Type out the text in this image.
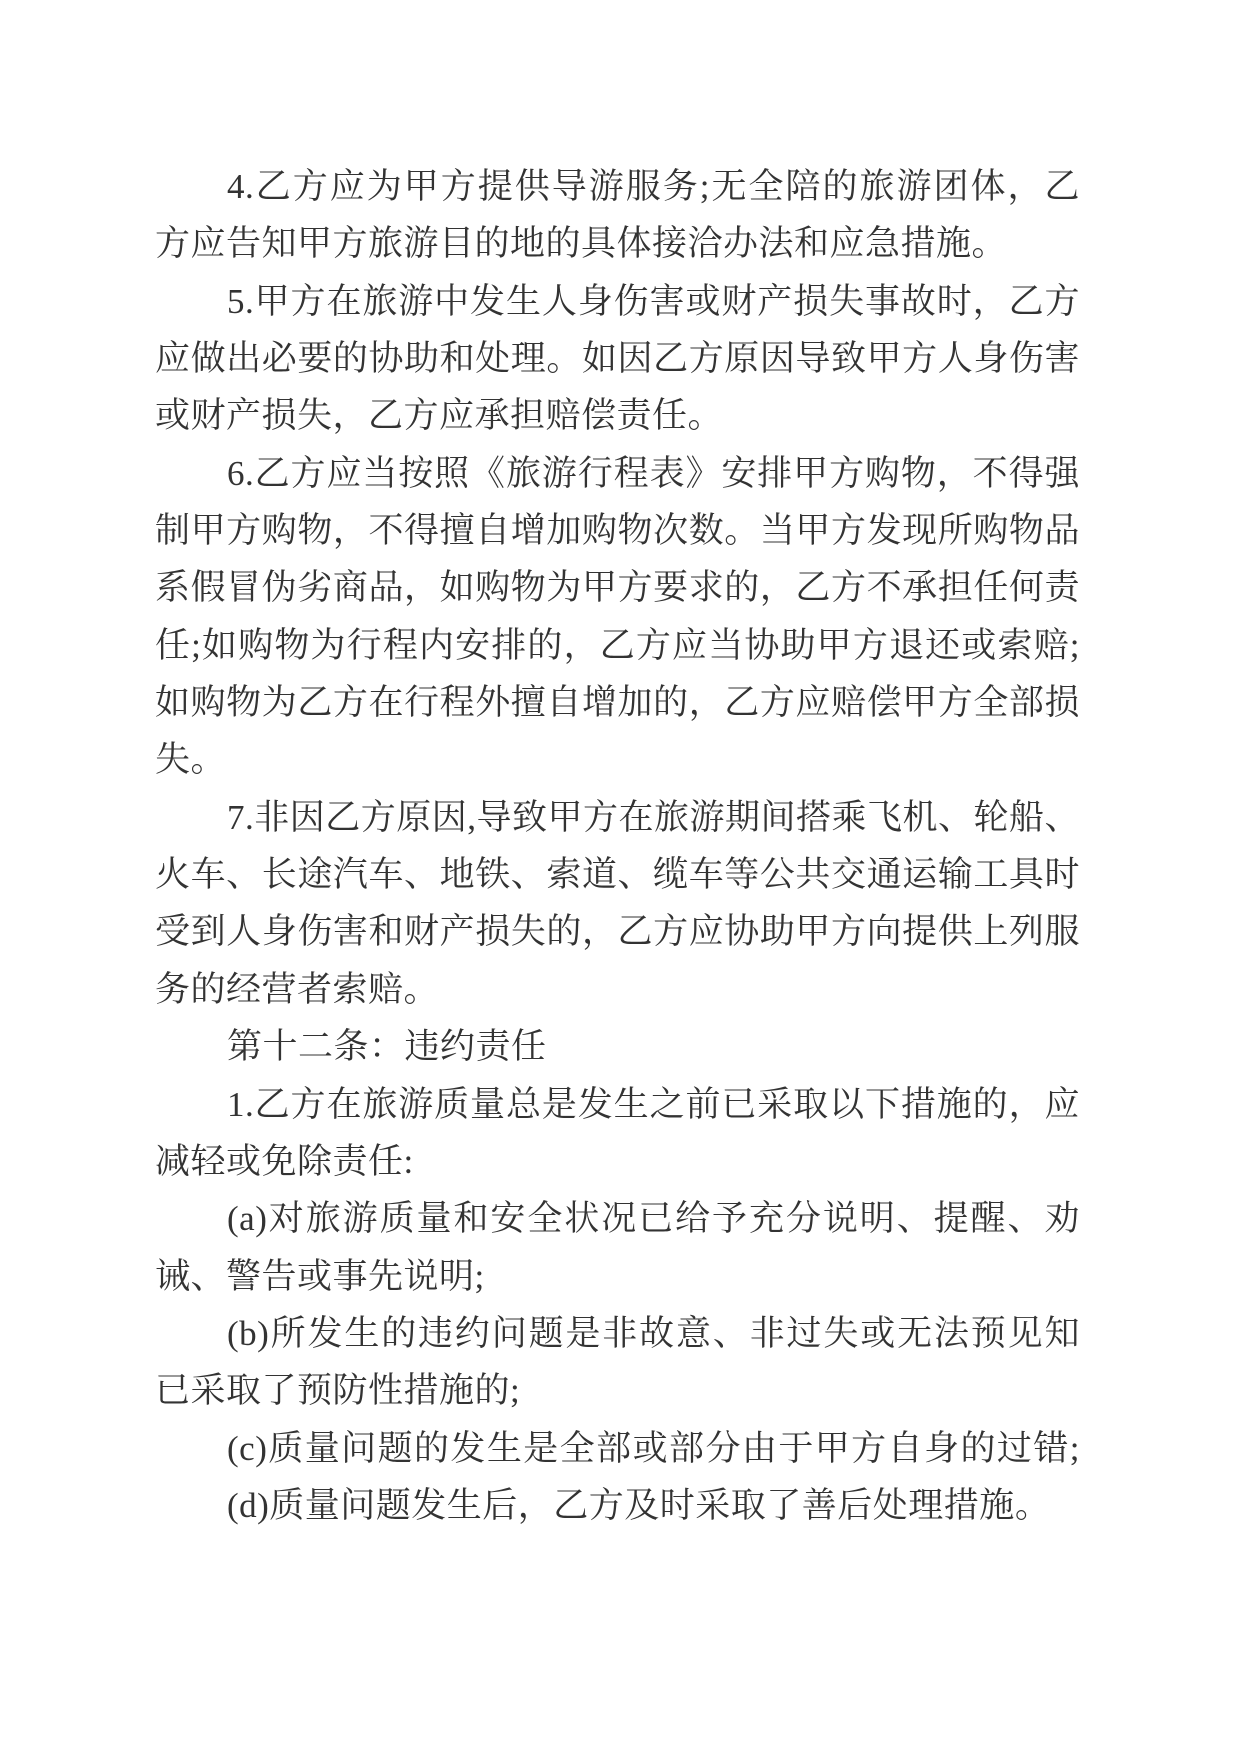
4.乙方应为甲方提供导游服务;无全陪的旅游团体，乙
方应告知甲方旅游目的地的具体接洽办法和应急措施。
5.甲方在旅游中发生人身伤害或财产损失事故时，乙方
应做出必要的协助和处理。如因乙方原因导致甲方人身伤害
或财产损失，乙方应承担赔偿责任。
6.乙方应当按照《旅游行程表》安排甲方购物，不得强
制甲方购物，不得擅自增加购物次数。当甲方发现所购物品
系假冒伪劣商品，如购物为甲方要求的，乙方不承担任何责
任;如购物为行程内安排的，乙方应当协助甲方退还或索赔;
如购物为乙方在行程外擅自增加的，乙方应赔偿甲方全部损
失。
7.非因乙方原因,导致甲方在旅游期间搭乘飞机、轮船、
火车、长途汽车、地铁、索道、缆车等公共交通运输工具时
受到人身伤害和财产损失的，乙方应协助甲方向提供上列服
务的经营者索赔。
第十二条：违约责任
1.乙方在旅游质量总是发生之前已采取以下措施的，应
减轻或免除责任:
(a)对旅游质量和安全状况已给予充分说明、提醒、劝
诫、警告或事先说明;
(b)所发生的违约问题是非故意、非过失或无法预见知
已采取了预防性措施的;
(c)质量问题的发生是全部或部分由于甲方自身的过错;
(d)质量问题发生后，乙方及时采取了善后处理措施。
